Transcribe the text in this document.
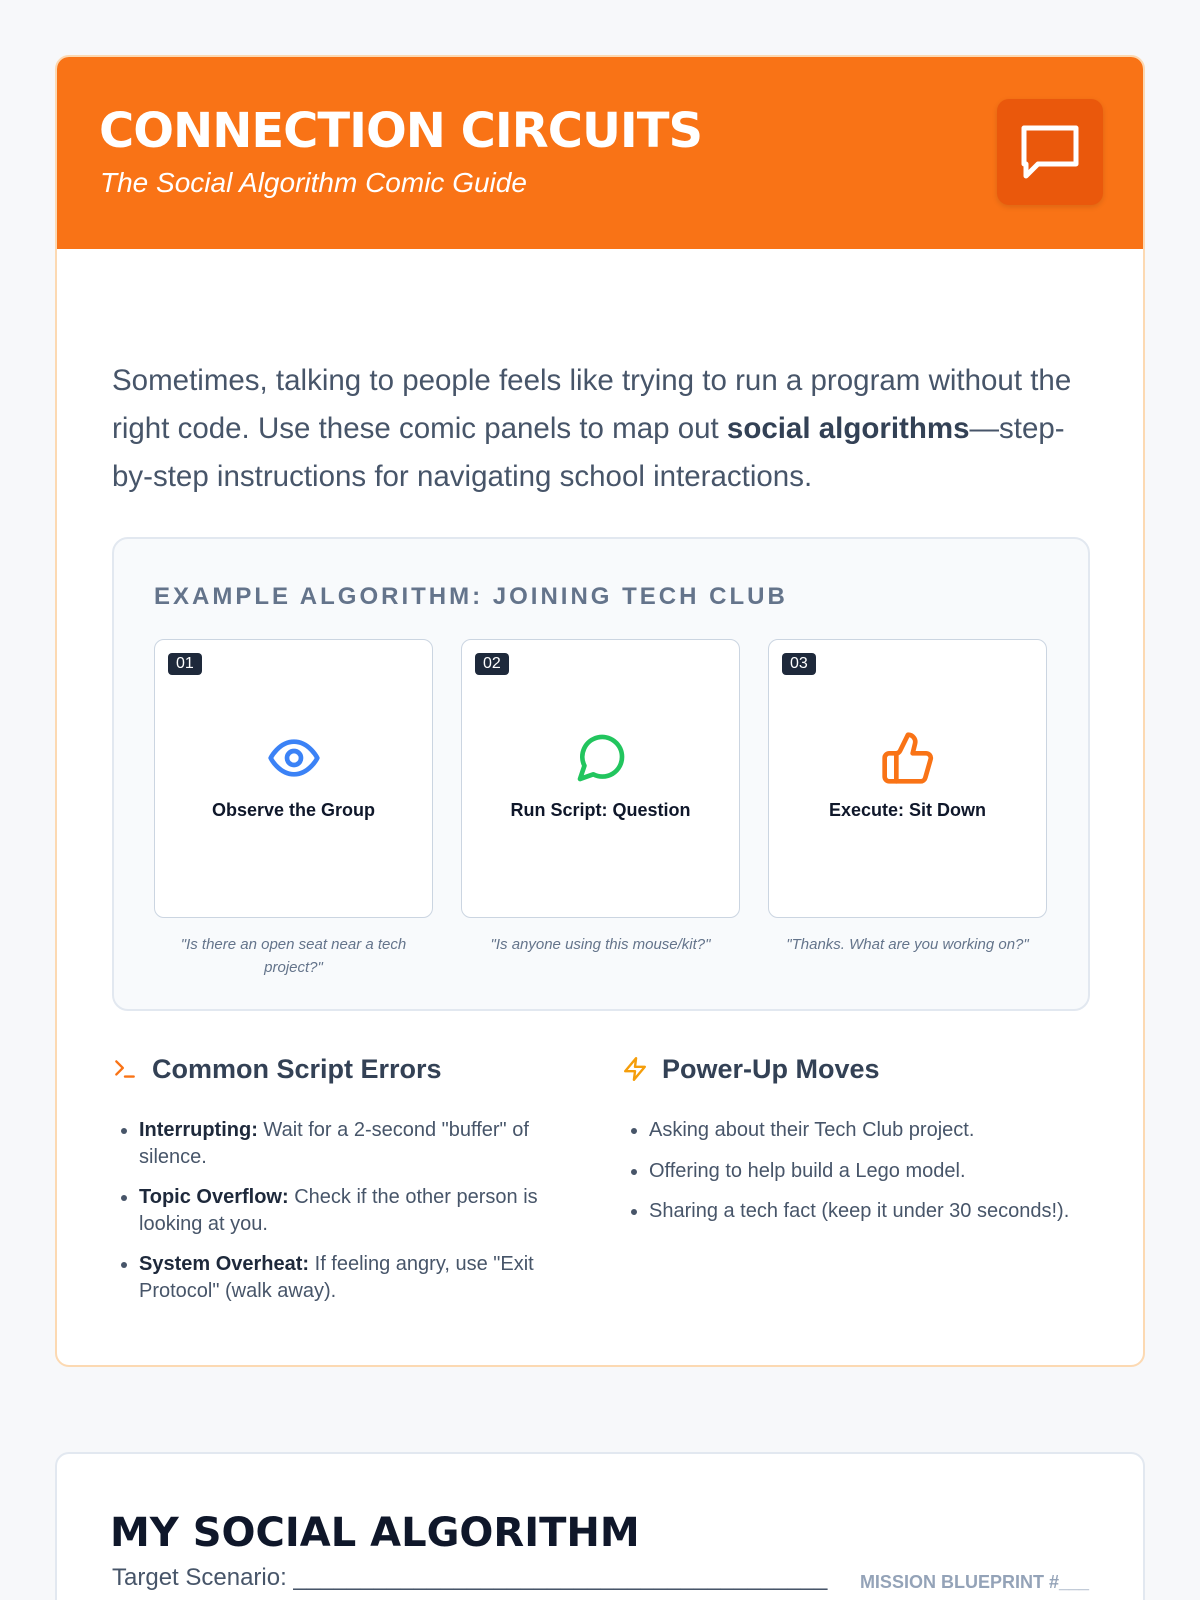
CONNECTION CIRCUITS
The Social Algorithm Comic Guide

Sometimes, talking to people feels like trying to run a program without the right code. Use these comic panels to map out social algorithms—step-by-step instructions for navigating school interactions.

EXAMPLE ALGORITHM: JOINING TECH CLUB
01
Observe the Group
"Is there an open seat near a tech project?"
02
Run Script: Question
"Is anyone using this mouse/kit?"
03
Execute: Sit Down
"Thanks. What are you working on?"
Common Script Errors
• Interrupting: Wait for a 2-second "buffer" of silence.
• Topic Overflow: Check if the other person is looking at you.
• System Overheat: If feeling angry, use "Exit Protocol" (walk away).
Power-Up Moves
• Asking about their Tech Club project.
• Offering to help build a Lego model.
• Sharing a tech fact (keep it under 30 seconds!).
MY SOCIAL ALGORITHM
Target Scenario: ________________________________________ MISSION BLUEPRINT #___
